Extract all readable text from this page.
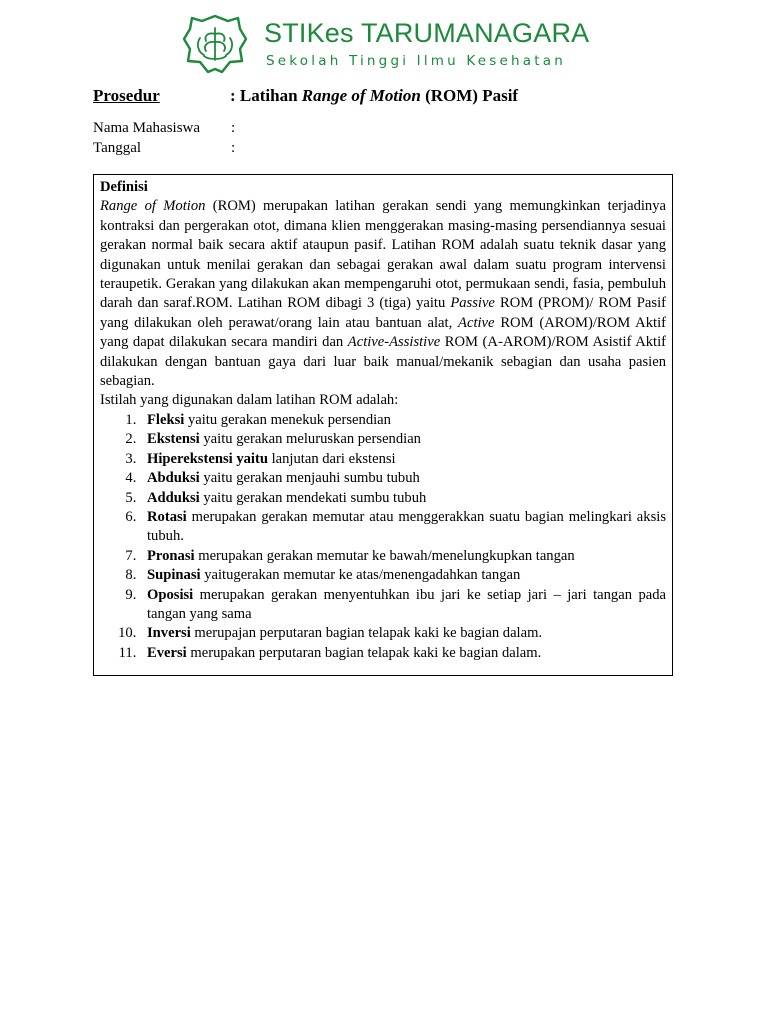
STIKes TARUMANAGARA
Sekolah Tinggi Ilmu Kesehatan
Prosedur	: Latihan Range of Motion (ROM) Pasif
Nama Mahasiswa :
Tanggal	:
Definisi
Range of Motion (ROM) merupakan latihan gerakan sendi yang memungkinkan terjadinya kontraksi dan pergerakan otot, dimana klien menggerakan masing-masing persendiannya sesuai gerakan normal baik secara aktif ataupun pasif. Latihan ROM adalah suatu teknik dasar yang digunakan untuk menilai gerakan dan sebagai gerakan awal dalam suatu program intervensi teraupetik. Gerakan yang dilakukan akan mempengaruhi otot, permukaan sendi, fasia, pembuluh darah dan saraf.ROM. Latihan ROM dibagi 3 (tiga) yaitu Passive ROM (PROM)/ ROM Pasif yang dilakukan oleh perawat/orang lain atau bantuan alat, Active ROM (AROM)/ROM Aktif yang dapat dilakukan secara mandiri dan Active-Assistive ROM (A-AROM)/ROM Asistif Aktif dilakukan dengan bantuan gaya dari luar baik manual/mekanik sebagian dan usaha pasien sebagian.
Istilah yang digunakan dalam latihan ROM adalah:
1. Fleksi yaitu gerakan menekuk persendian
2. Ekstensi yaitu gerakan meluruskan persendian
3. Hiperekstensi yaitu lanjutan dari ekstensi
4. Abduksi yaitu gerakan menjauhi sumbu tubuh
5. Adduksi yaitu gerakan mendekati sumbu tubuh
6. Rotasi merupakan gerakan memutar atau menggerakkan suatu bagian melingkari aksis tubuh.
7. Pronasi merupakan gerakan memutar ke bawah/menelungkupkan tangan
8. Supinasi yaitugerakan memutar ke atas/menengadahkan tangan
9. Oposisi merupakan gerakan menyentuhkan ibu jari ke setiap jari – jari tangan pada tangan yang sama
10. Inversi merupajan perputaran bagian telapak kaki ke bagian dalam.
11. Eversi merupakan perputaran bagian telapak kaki ke bagian dalam.
